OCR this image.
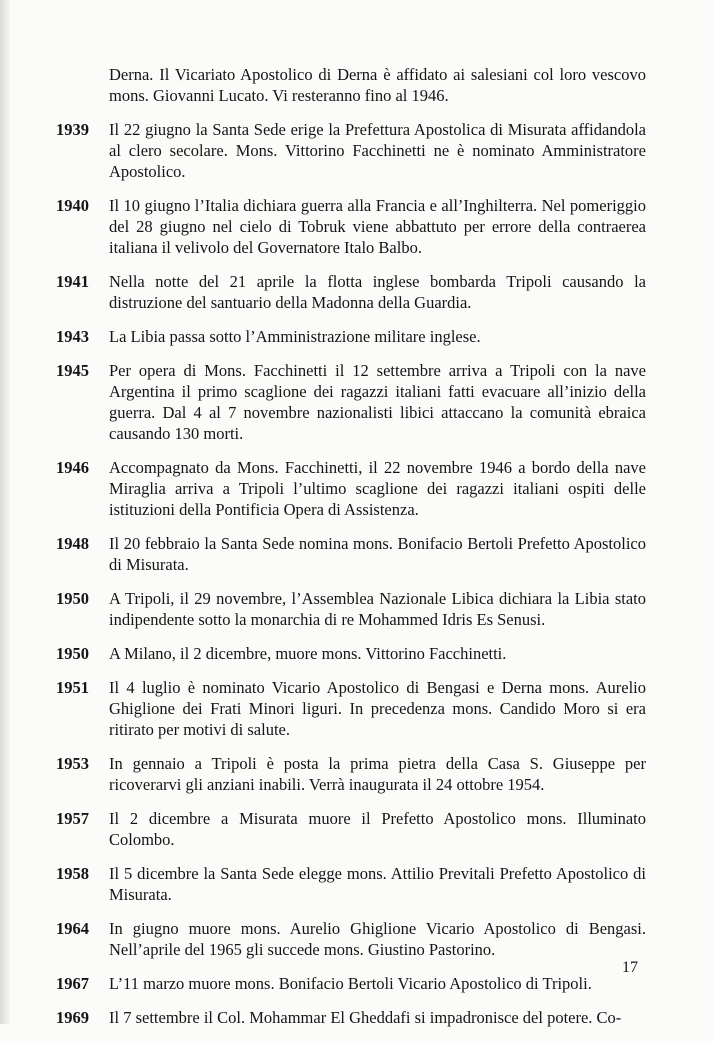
Derna. Il Vicariato Apostolico di Derna è affidato ai salesiani col loro vescovo mons. Giovanni Lucato. Vi resteranno fino al 1946.
1939	Il 22 giugno la Santa Sede erige la Prefettura Apostolica di Misurata affidandola al clero secolare. Mons. Vittorino Facchinetti ne è nominato Amministratore Apostolico.
1940	Il 10 giugno l’Italia dichiara guerra alla Francia e all’Inghilterra. Nel pomeriggio del 28 giugno nel cielo di Tobruk viene abbattuto per errore della contraerea italiana il velivolo del Governatore Italo Balbo.
1941	Nella notte del 21 aprile la flotta inglese bombarda Tripoli causando la distruzione del santuario della Madonna della Guardia.
1943	La Libia passa sotto l’Amministrazione militare inglese.
1945	Per opera di Mons. Facchinetti il 12 settembre arriva a Tripoli con la nave Argentina il primo scaglione dei ragazzi italiani fatti evacuare all’inizio della guerra. Dal 4 al 7 novembre nazionalisti libici attaccano la comunità ebraica causando 130 morti.
1946	Accompagnato da Mons. Facchinetti, il 22 novembre 1946 a bordo della nave Miraglia arriva a Tripoli l’ultimo scaglione dei ragazzi italiani ospiti delle istituzioni della Pontificia Opera di Assistenza.
1948	Il 20 febbraio la Santa Sede nomina mons. Bonifacio Bertoli Prefetto Apostolico di Misurata.
1950	A Tripoli, il 29 novembre, l’Assemblea Nazionale Libica dichiara la Libia stato indipendente sotto la monarchia di re Mohammed Idris Es Senusi.
1950	A Milano, il 2 dicembre, muore mons. Vittorino Facchinetti.
1951	Il 4 luglio è nominato Vicario Apostolico di Bengasi e Derna mons. Aurelio Ghiglione dei Frati Minori liguri. In precedenza mons. Candido Moro si era ritirato per motivi di salute.
1953	In gennaio a Tripoli è posta la prima pietra della Casa S. Giuseppe per ricoverarvi gli anziani inabili. Verrà inaugurata il 24 ottobre 1954.
1957	Il 2 dicembre a Misurata muore il Prefetto Apostolico mons. Illuminato Colombo.
1958	Il 5 dicembre la Santa Sede elegge mons. Attilio Previtali Prefetto Apostolico di Misurata.
1964	In giugno muore mons. Aurelio Ghiglione Vicario Apostolico di Bengasi. Nell’aprile del 1965 gli succede mons. Giustino Pastorino.
1967	L’11 marzo muore mons. Bonifacio Bertoli Vicario Apostolico di Tripoli.
1969	Il 7 settembre il Col. Mohammar El Gheddafi si impadronisce del potere. Co-
17
